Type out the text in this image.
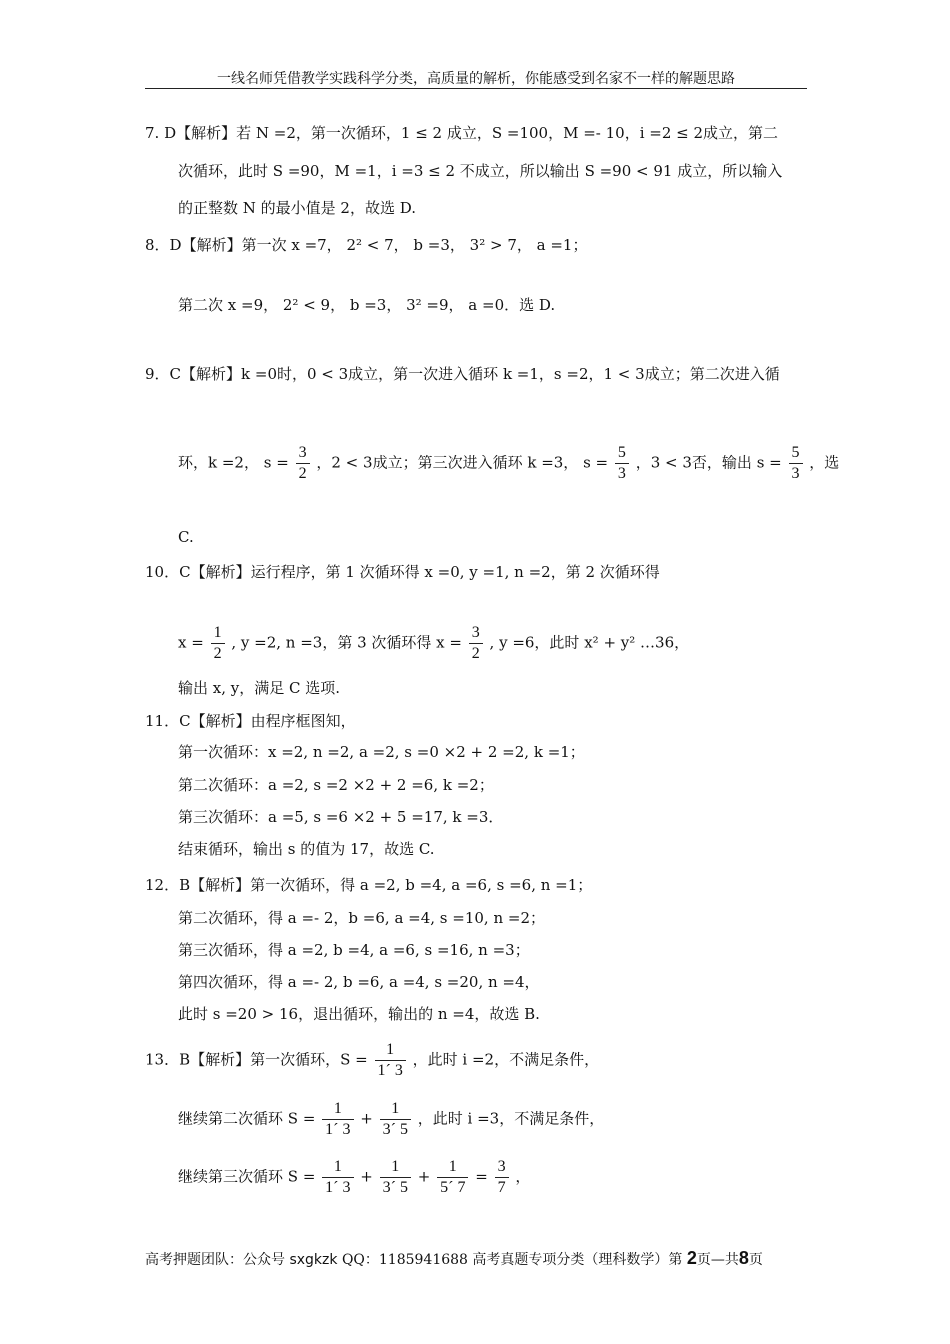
一线名师凭借教学实践科学分类，高质量的解析，你能感受到名家不一样的解题思路
7. D【解析】若 N =2，第一次循环，1 ≤ 2 成立，S =100，M =- 10，i =2 ≤ 2成立，第二
次循环，此时 S =90，M =1，i =3 ≤ 2 不成立，所以输出 S =90 < 91 成立，所以输入
的正整数 N 的最小值是 2，故选 D.
8．D【解析】第一次 x =7， 2² < 7， b =3， 3² > 7， a =1；
第二次 x =9， 2² < 9， b =3， 3² =9， a =0．选 D.
9．C【解析】k =0时，0 < 3成立，第一次进入循环 k =1，s =2，1 < 3成立；第二次进入循
环，k =2， $s = \frac{3}{2}$ ，2 < 3成立；第三次进入循环 k =3， $s = \frac{5}{3}$ ，3 < 3否，输出 $s = \frac{5}{3}$ ，选
C.
10．C【解析】运行程序，第 1 次循环得 x =0, y =1, n =2，第 2 次循环得
$x = \frac{1}{2}$ , y =2, n =3，第 3 次循环得 $x = \frac{3}{2}$ , y =6，此时 x² + y² …36，
输出 x, y，满足 C 选项.
11．C【解析】由程序框图知，
第一次循环：x =2, n =2, a =2, s =0 ×2 + 2 =2, k =1；
第二次循环：a =2, s =2 ×2 + 2 =6, k =2；
第三次循环：a =5, s =6 ×2 + 5 =17, k =3．
结束循环，输出 s 的值为 17，故选 C.
12．B【解析】第一次循环，得 a =2, b =4, a =6, s =6, n =1；
第二次循环，得 a =- 2，b =6, a =4, s =10, n =2；
第三次循环，得 a =2, b =4, a =6, s =16, n =3；
第四次循环，得 a =- 2, b =6, a =4, s =20, n =4，
此时 s =20 > 16，退出循环，输出的 n =4，故选 B.
13．B【解析】第一次循环，$S = \frac{1}{1´ 3}$ ，此时 i =2，不满足条件，
继续第二次循环 $S = \frac{1}{1´ 3} + \frac{1}{3´ 5}$ ，此时 i =3，不满足条件，
继续第三次循环 $S = \frac{1}{1´ 3} + \frac{1}{3´ 5} + \frac{1}{5´ 7} = \frac{3}{7}$ ，
高考押题团队：公众号 sxgkzk QQ：1185941688 高考真题专项分类（理科数学）第 2页—共8页
